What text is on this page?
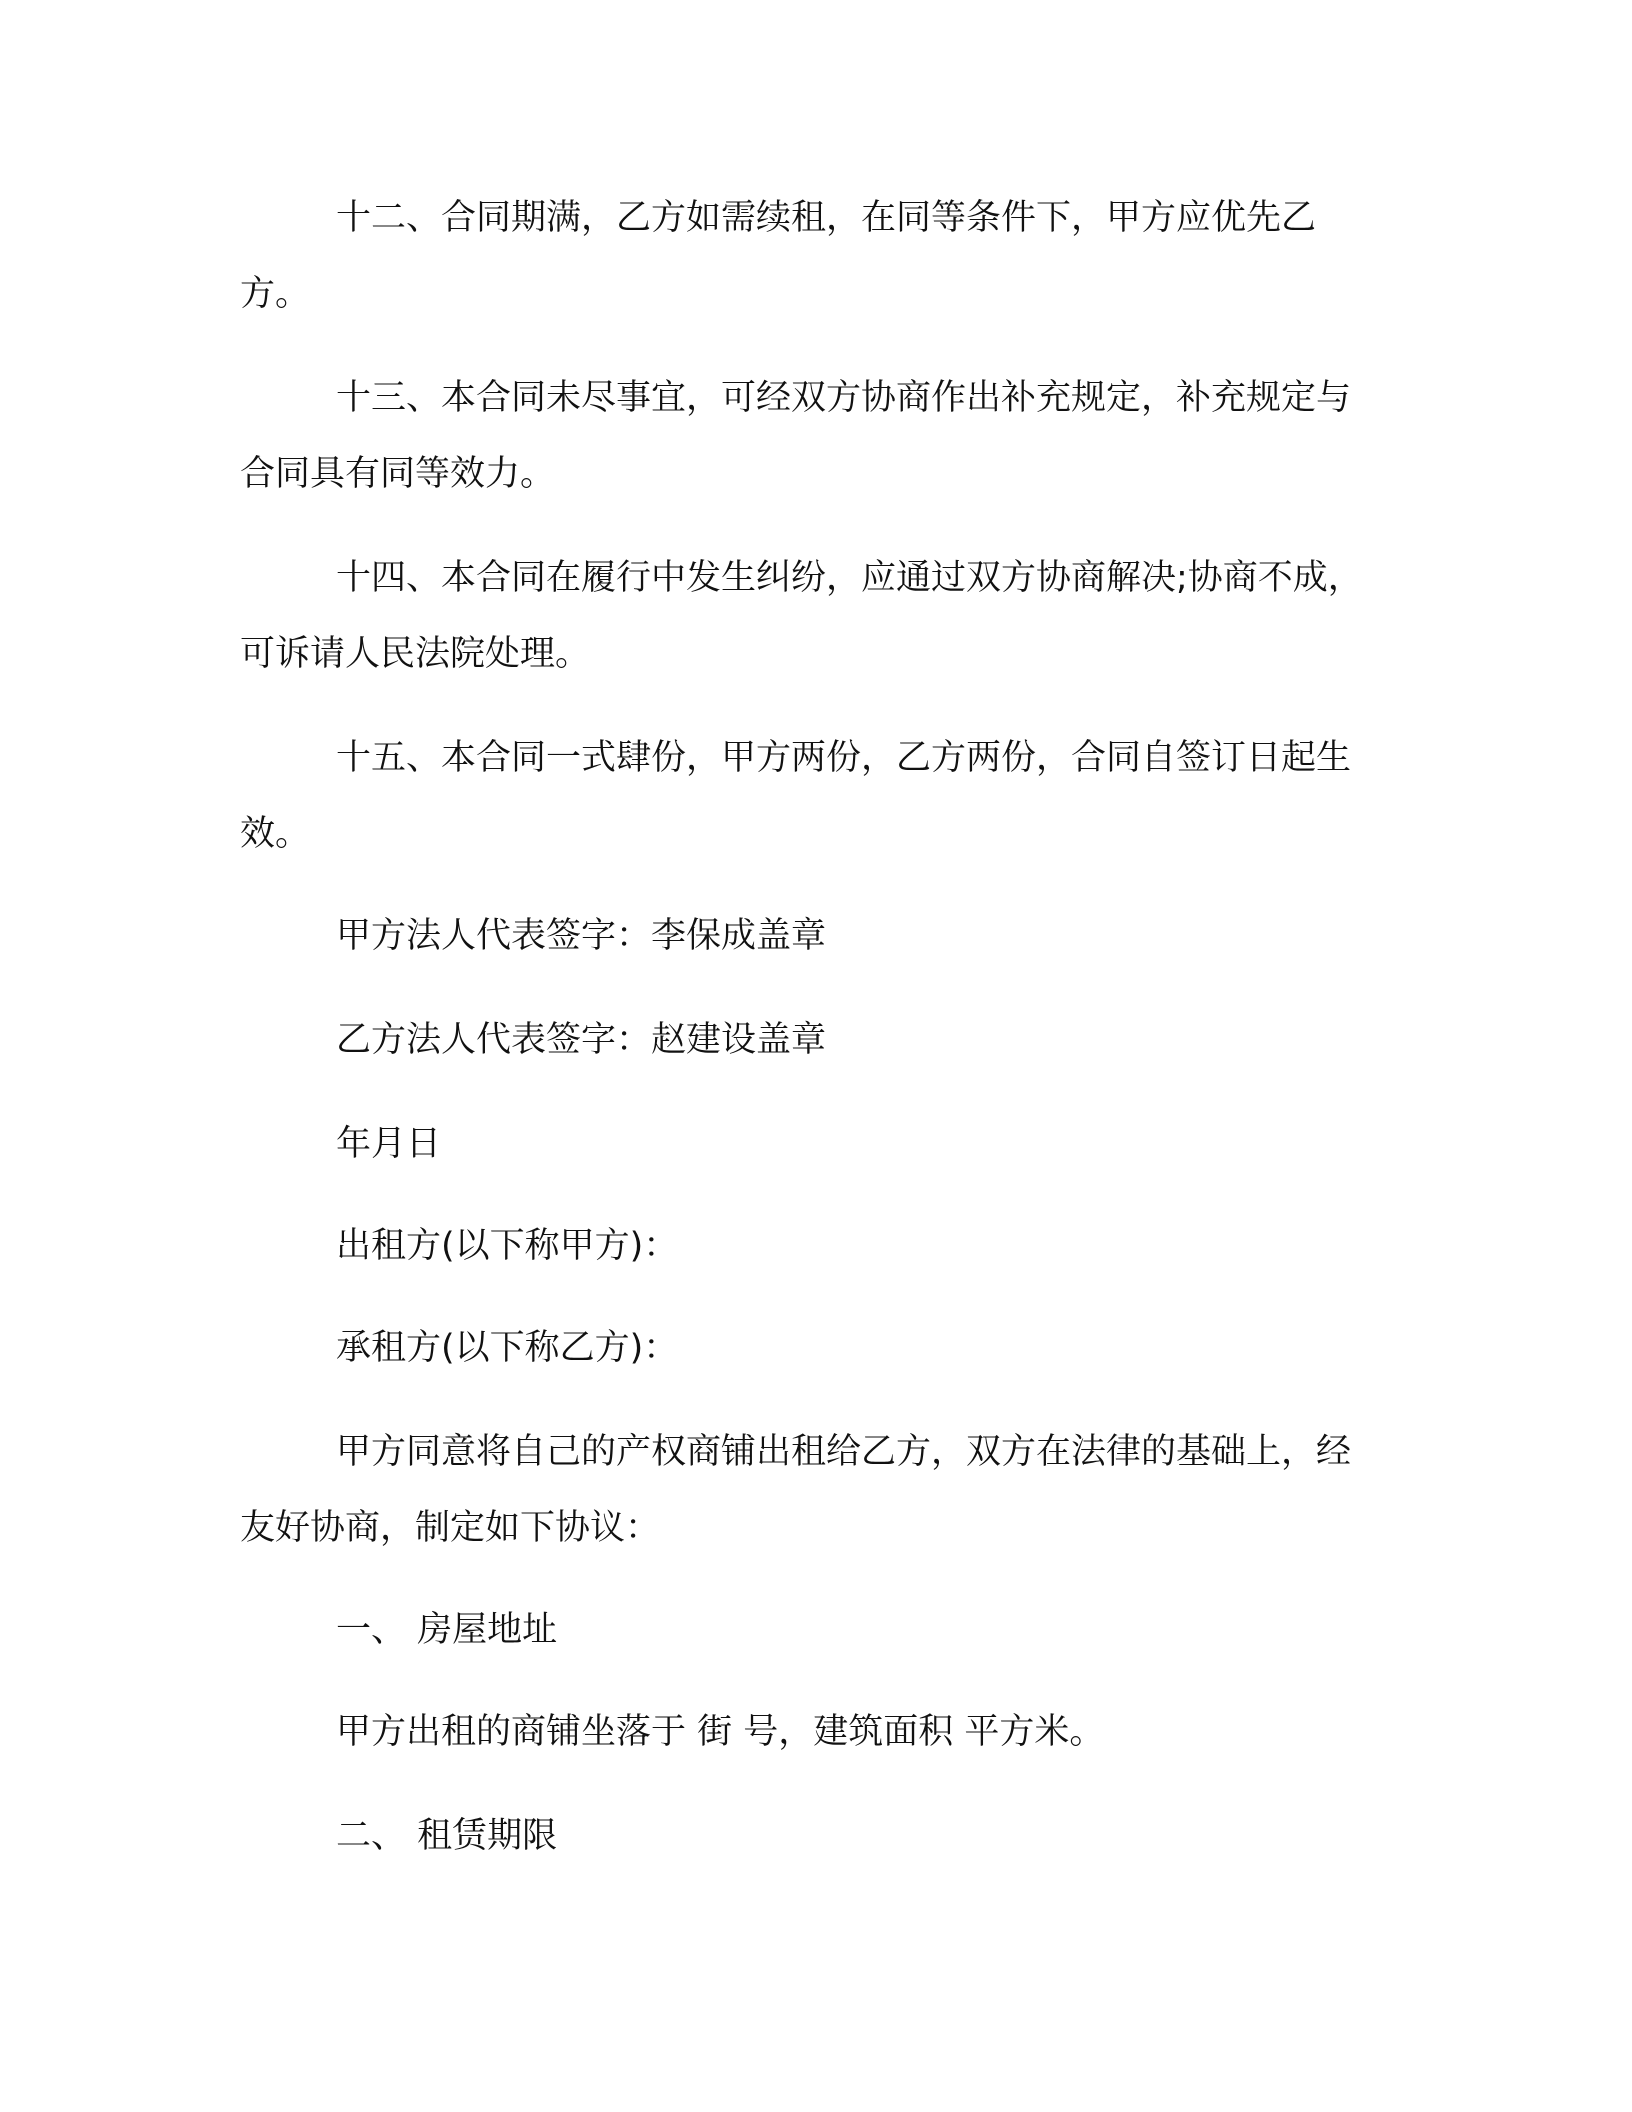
十二、合同期满，乙方如需续租，在同等条件下，甲方应优先乙方。
十三、本合同未尽事宜，可经双方协商作出补充规定，补充规定与合同具有同等效力。
十四、本合同在履行中发生纠纷，应通过双方协商解决;协商不成，可诉请人民法院处理。
十五、本合同一式肆份，甲方两份，乙方两份，合同自签订日起生效。
甲方法人代表签字：李保成盖章
乙方法人代表签字：赵建设盖章
年月日
出租方(以下称甲方)：
承租方(以下称乙方)：
甲方同意将自己的产权商铺出租给乙方，双方在法律的基础上，经友好协商，制定如下协议：
一、 房屋地址
甲方出租的商铺坐落于 街 号，建筑面积 平方米。
二、 租赁期限
